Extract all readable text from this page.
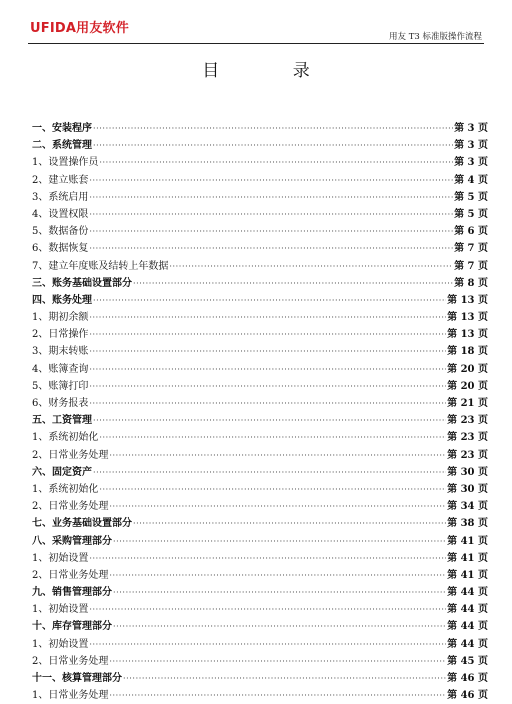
UFIDA用友软件
用友 T3 标准版操作流程
目 录
一、安装程序 ·····	第 3 页
二、系统管理 ·····	第 3 页
1、设置操作员 ·····	第 3 页
2、建立账套 ·····	第 4 页
3、系统启用 ·····	第 5 页
4、设置权限 ·····	第 5 页
5、数据备份 ·····	第 6 页
6、数据恢复 ·····	第 7 页
7、建立年度账及结转上年数据 ·····	第 7 页
三、账务基础设置部分 ·····	第 8 页
四、账务处理 ·····	第 13 页
1、期初余额 ·····	第 13 页
2、日常操作 ·····	第 13 页
3、期末转账 ·····	第 18 页
4、账簿查询 ·····	第 20 页
5、账簿打印 ·····	第 20 页
6、财务报表 ·····	第 21 页
五、工资管理 ·····	第 23 页
1、系统初始化 ·····	第 23 页
2、日常业务处理 ·····	第 23 页
六、固定资产 ·····	第 30 页
1、系统初始化 ·····	第 30 页
2、日常业务处理 ·····	第 34 页
七、业务基础设置部分 ·····	第 38 页
八、采购管理部分 ·····	第 41 页
1、初始设置 ·····	第 41 页
2、日常业务处理 ·····	第 41 页
九、销售管理部分 ·····	第 44 页
1、初始设置 ·····	第 44 页
十、库存管理部分 ·····	第 44 页
1、初始设置 ·····	第 44 页
2、日常业务处理 ·····	第 45 页
十一、核算管理部分 ·····	第 46 页
1、日常业务处理 ·····	第 46 页
